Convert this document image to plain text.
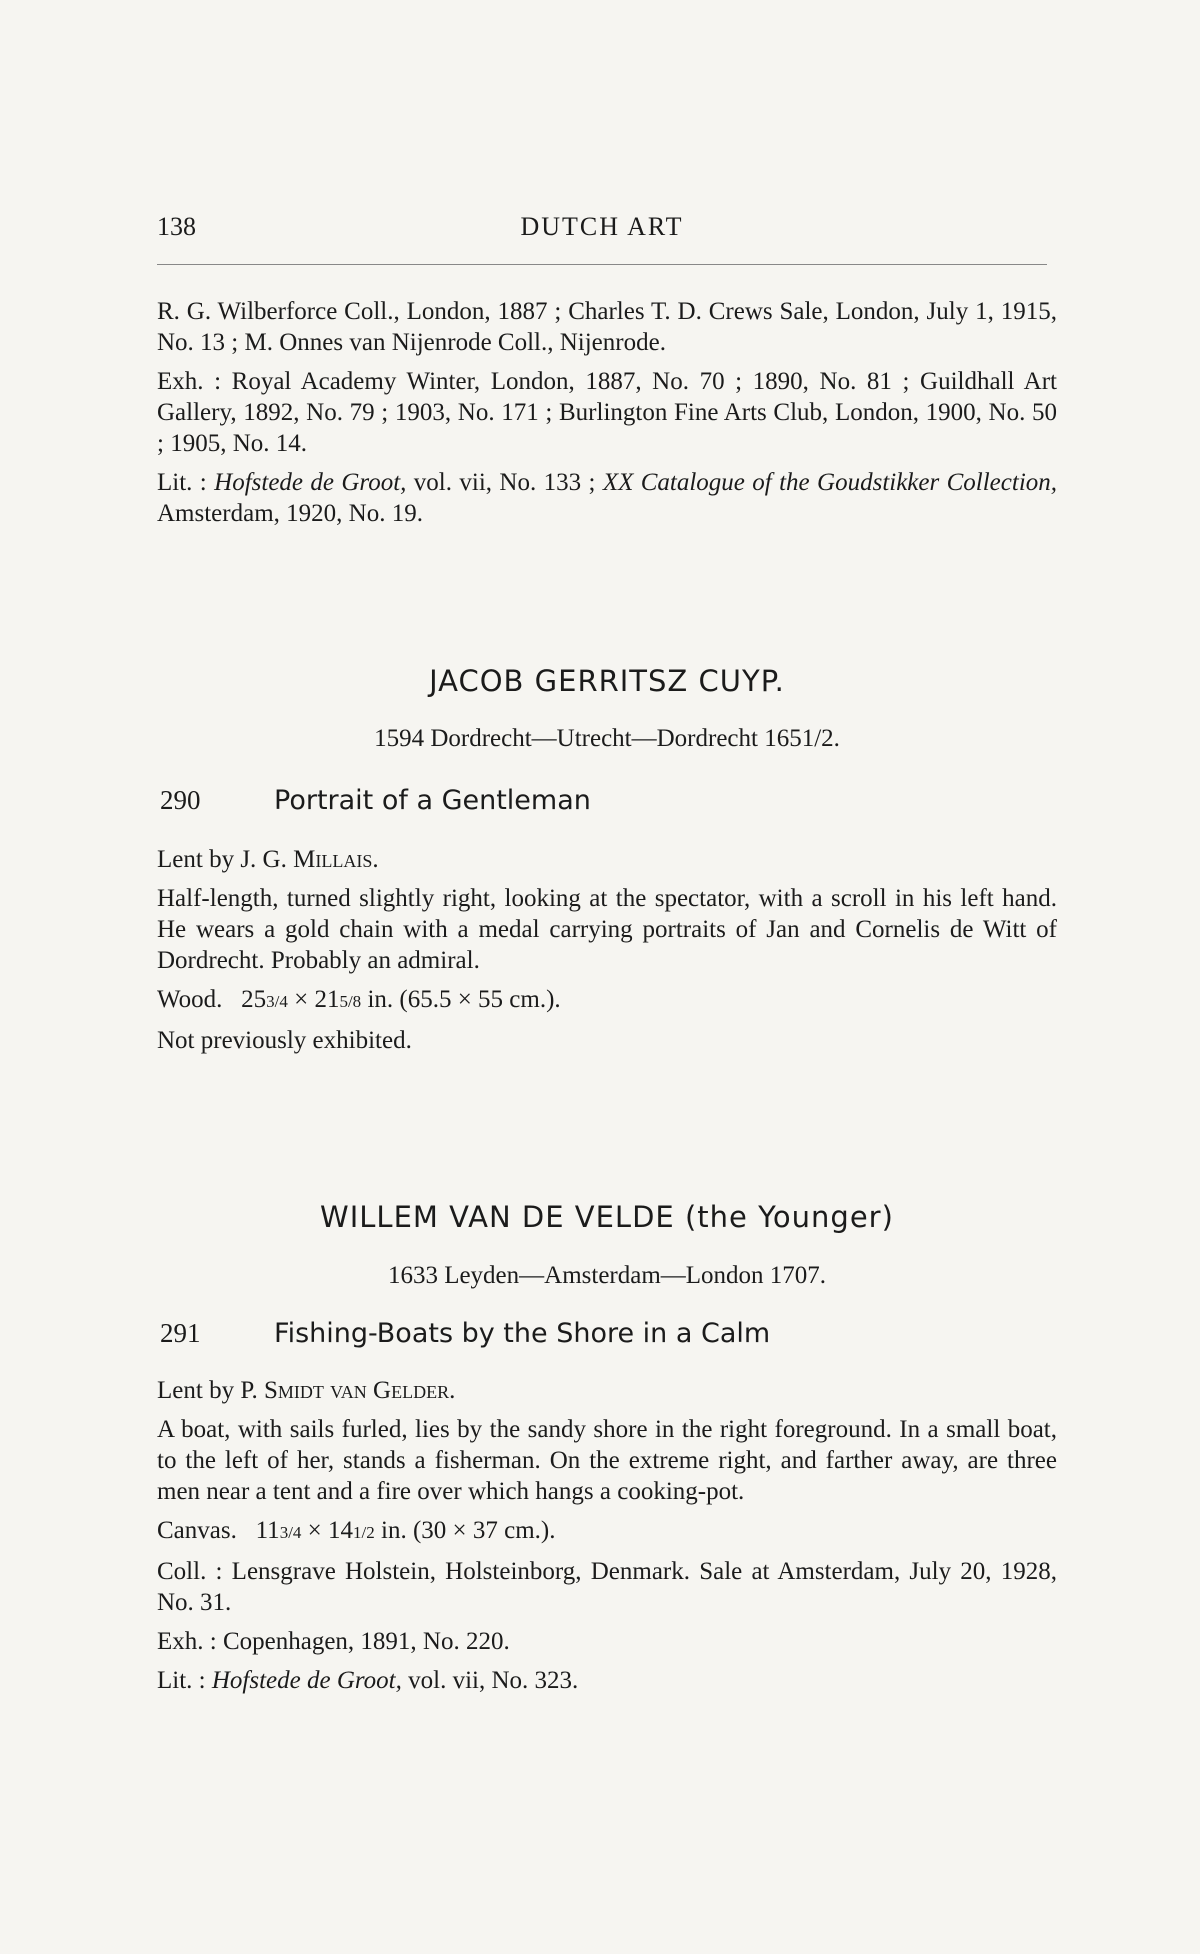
138	DUTCH ART

R. G. Wilberforce Coll., London, 1887 ; Charles T. D. Crews Sale, London, July 1, 1915, No. 13 ; M. Onnes van Nijenrode Coll., Nijenrode.

Exh. : Royal Academy Winter, London, 1887, No. 70 ; 1890, No. 81 ; Guildhall Art Gallery, 1892, No. 79 ; 1903, No. 171 ; Burlington Fine Arts Club, London, 1900, No. 50 ; 1905, No. 14.

Lit. : Hofstede de Groot, vol. vii, No. 133 ; XX Catalogue of the Goudstikker Collection, Amsterdam, 1920, No. 19.

JACOB GERRITSZ CUYP.
1594 Dordrecht—Utrecht—Dordrecht 1651/2.
290	Portrait of a Gentleman

Lent by J. G. Millais.

Half-length, turned slightly right, looking at the spectator, with a scroll in his left hand. He wears a gold chain with a medal carrying portraits of Jan and Cornelis de Witt of Dordrecht. Probably an admiral.

Wood. 253/4 × 215/8 in. (65.5 × 55 cm.).

Not previously exhibited.

WILLEM VAN DE VELDE (the Younger)
1633 Leyden—Amsterdam—London 1707.
291	Fishing-Boats by the Shore in a Calm

Lent by P. Smidt van Gelder.

A boat, with sails furled, lies by the sandy shore in the right foreground. In a small boat, to the left of her, stands a fisherman. On the extreme right, and farther away, are three men near a tent and a fire over which hangs a cooking-pot.

Canvas. 113/4 × 141/2 in. (30 × 37 cm.).

Coll. : Lensgrave Holstein, Holsteinborg, Denmark. Sale at Amsterdam, July 20, 1928, No. 31.

Exh. : Copenhagen, 1891, No. 220.

Lit. : Hofstede de Groot, vol. vii, No. 323.
